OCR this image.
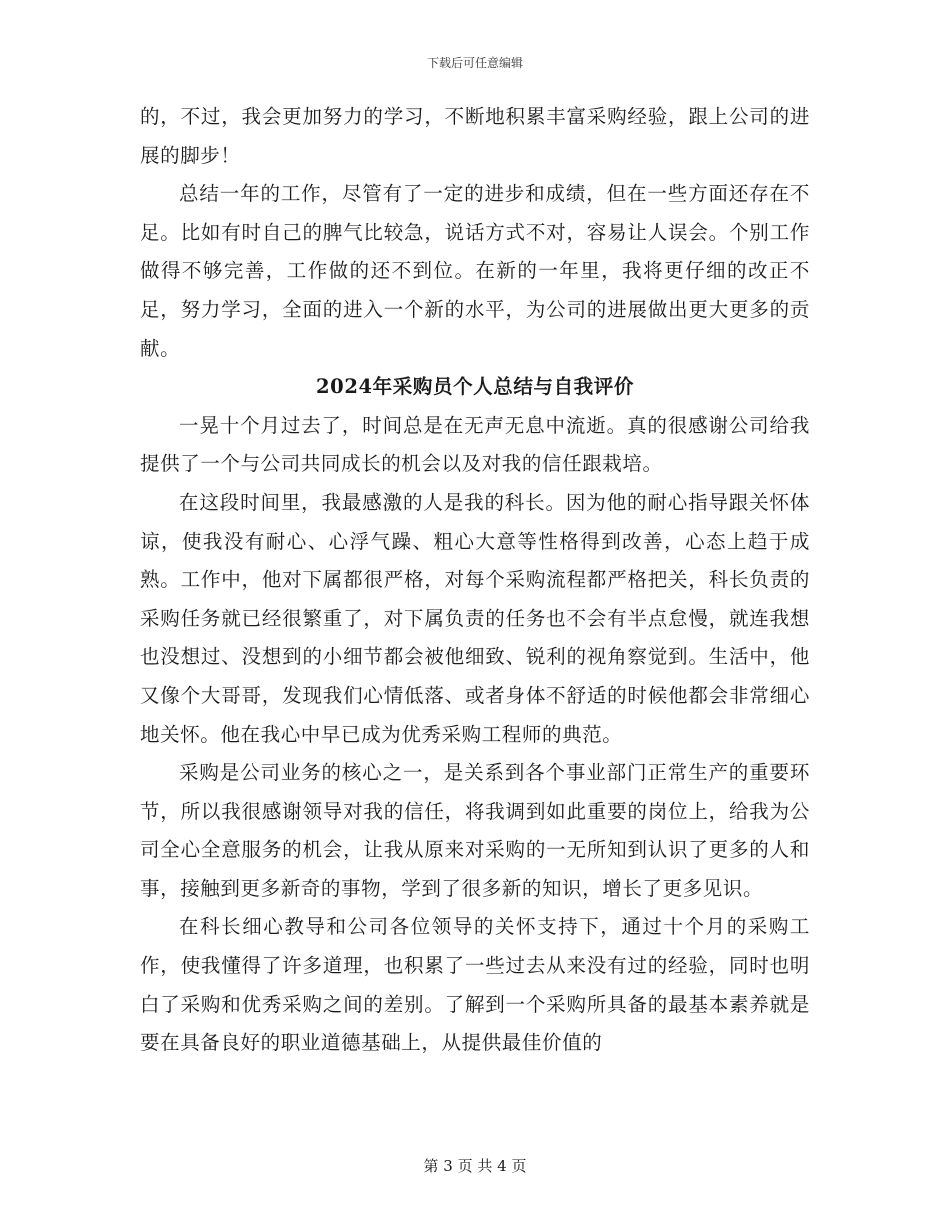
下载后可任意编辑

的，不过，我会更加努力的学习，不断地积累丰富采购经验，跟上公司的进展的脚步！

总结一年的工作，尽管有了一定的进步和成绩，但在一些方面还存在不足。比如有时自己的脾气比较急，说话方式不对，容易让人误会。个别工作做得不够完善，工作做的还不到位。在新的一年里，我将更仔细的改正不足，努力学习，全面的进入一个新的水平，为公司的进展做出更大更多的贡献。

2024年采购员个人总结与自我评价

一晃十个月过去了，时间总是在无声无息中流逝。真的很感谢公司给我提供了一个与公司共同成长的机会以及对我的信任跟栽培。

在这段时间里，我最感激的人是我的科长。因为他的耐心指导跟关怀体谅，使我没有耐心、心浮气躁、粗心大意等性格得到改善，心态上趋于成熟。工作中，他对下属都很严格，对每个采购流程都严格把关，科长负责的采购任务就已经很繁重了，对下属负责的任务也不会有半点怠慢，就连我想也没想过、没想到的小细节都会被他细致、锐利的视角察觉到。生活中，他又像个大哥哥，发现我们心情低落、或者身体不舒适的时候他都会非常细心地关怀。他在我心中早已成为优秀采购工程师的典范。

采购是公司业务的核心之一，是关系到各个事业部门正常生产的重要环节，所以我很感谢领导对我的信任，将我调到如此重要的岗位上，给我为公司全心全意服务的机会，让我从原来对采购的一无所知到认识了更多的人和事，接触到更多新奇的事物，学到了很多新的知识，增长了更多见识。

在科长细心教导和公司各位领导的关怀支持下，通过十个月的采购工作，使我懂得了许多道理，也积累了一些过去从来没有过的经验，同时也明白了采购和优秀采购之间的差别。了解到一个采购所具备的最基本素养就是要在具备良好的职业道德基础上，从提供最佳价值的

第 3 页 共 4 页
